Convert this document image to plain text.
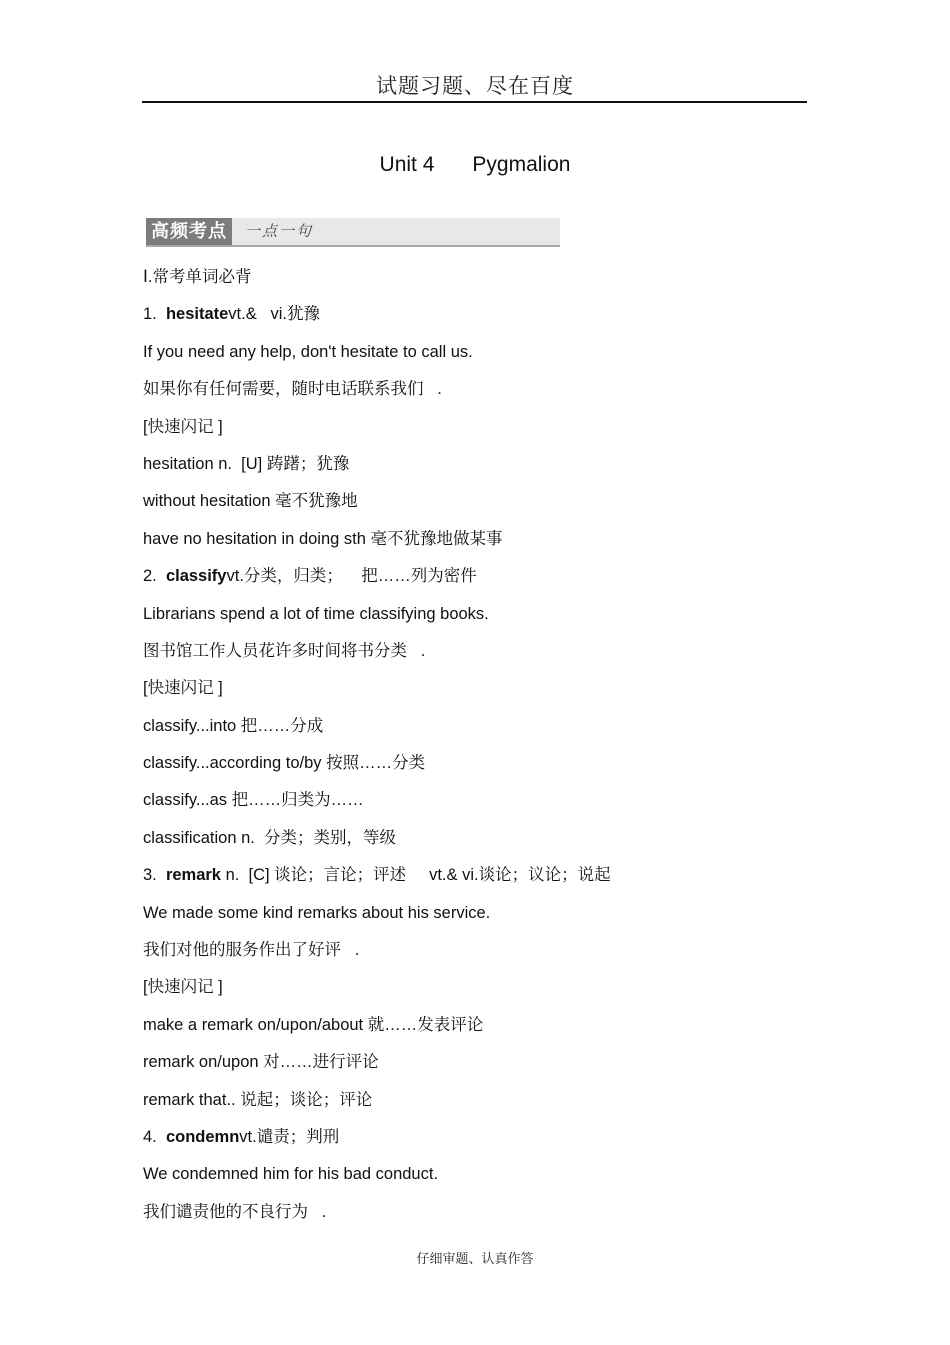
试题习题、尽在百度
Unit 4 Pygmalion
高频考点	一点一句
Ⅰ.常考单词必背
1.  hesitatevt.&   vi.犹豫
If you need any help, don't hesitate to call us.
如果你有任何需要，随时电话联系我们   .
[快速闪记 ]
hesitation n.  [U] 踌躇；犹豫
without hesitation 毫不犹豫地
have no hesitation in doing sth 毫不犹豫地做某事
2.  classifyvt.分类，归类；    把……列为密件
Librarians spend a lot of time classifying books.
图书馆工作人员花许多时间将书分类   .
[快速闪记 ]
classify...into 把……分成
classify...according to/by 按照……分类
classify...as 把……归类为……
classification n.  分类；类别，等级
3.  remark n.  [C] 谈论；言论；评述     vt.& vi.谈论；议论；说起
We made some kind remarks about his service.
我们对他的服务作出了好评   .
[快速闪记 ]
make a remark on/upon/about 就……发表评论
remark on/upon 对……进行评论
remark that.. 说起；谈论；评论
4.  condemnvt.谴责；判刑
We condemned him for his bad conduct.
我们谴责他的不良行为   .
仔细审题、认真作答
